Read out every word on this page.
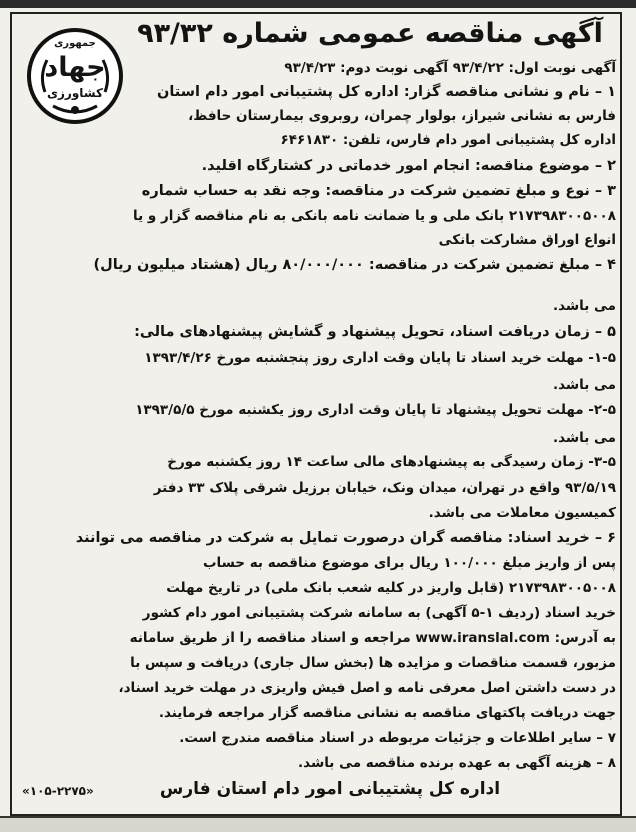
آگهی مناقصه عمومی شماره ۹۳/۳۲
جمهوری
جهاد
کشاورزی
آگهی نوبت اول: ۹۳/۴/۲۲ آگهی نوبت دوم: ۹۳/۴/۲۳
۱ – نام و نشانی مناقصه گزار: اداره کل پشتیبانی امور دام استان
فارس به نشانی شیراز، بولوار چمران، روبروی بیمارستان حافظ،
اداره کل پشتیبانی امور دام فارس، تلفن: ۶۴۶۱۸۳۰
۲ – موضوع مناقصه: انجام امور خدماتی در کشتارگاه اقلید.
۳ – نوع و مبلغ تضمین شرکت در مناقصه: وجه نقد به حساب شماره
۲۱۷۳۹۸۳۰۰۵۰۰۸ بانک ملی و یا ضمانت نامه بانکی به نام مناقصه گزار و یا
انواع اوراق مشارکت بانکی
۴ – مبلغ تضمین شرکت در مناقصه: ۸۰/۰۰۰/۰۰۰ ریال (هشتاد میلیون ریال)
می باشد.
۵ – زمان دریافت اسناد، تحویل پیشنهاد و گشایش پیشنهادهای مالی:
۱-۵- مهلت خرید اسناد تا پایان وقت اداری روز پنجشنبه مورخ ۱۳۹۳/۴/۲۶
می باشد.
۲-۵- مهلت تحویل پیشنهاد تا پایان وقت اداری روز یکشنبه مورخ ۱۳۹۳/۵/۵
می باشد.
۳-۵- زمان رسیدگی به پیشنهادهای مالی ساعت ۱۴ روز یکشنبه مورخ
۹۳/۵/۱۹ واقع در تهران، میدان ونک، خیابان برزیل شرقی پلاک ۳۳ دفتر
کمیسیون معاملات می باشد.
۶ – خرید اسناد: مناقصه گران درصورت تمایل به شرکت در مناقصه می توانند
پس از واریز مبلغ ۱۰۰/۰۰۰ ریال برای موضوع مناقصه به حساب
۲۱۷۳۹۸۳۰۰۵۰۰۸ (قابل واریز در کلیه شعب بانک ملی) در تاریخ مهلت
خرید اسناد (ردیف ۱-۵ آگهی) به سامانه شرکت پشتیبانی امور دام کشور
به آدرس: www.iranslal.com مراجعه و اسناد مناقصه را از طریق سامانه
مزبور، قسمت مناقصات و مزایده ها (بخش سال جاری) دریافت و سپس با
در دست داشتن اصل معرفی نامه و اصل فیش واریزی در مهلت خرید اسناد،
جهت دریافت پاکتهای مناقصه به نشانی مناقصه گزار مراجعه فرمایند.
۷ – سایر اطلاعات و جزئیات مربوطه در اسناد مناقصه مندرج است.
۸ – هزینه آگهی به عهده برنده مناقصه می باشد.
اداره کل پشتیبانی امور دام استان فارس
«۱۰۵-۲۲۷۵»
